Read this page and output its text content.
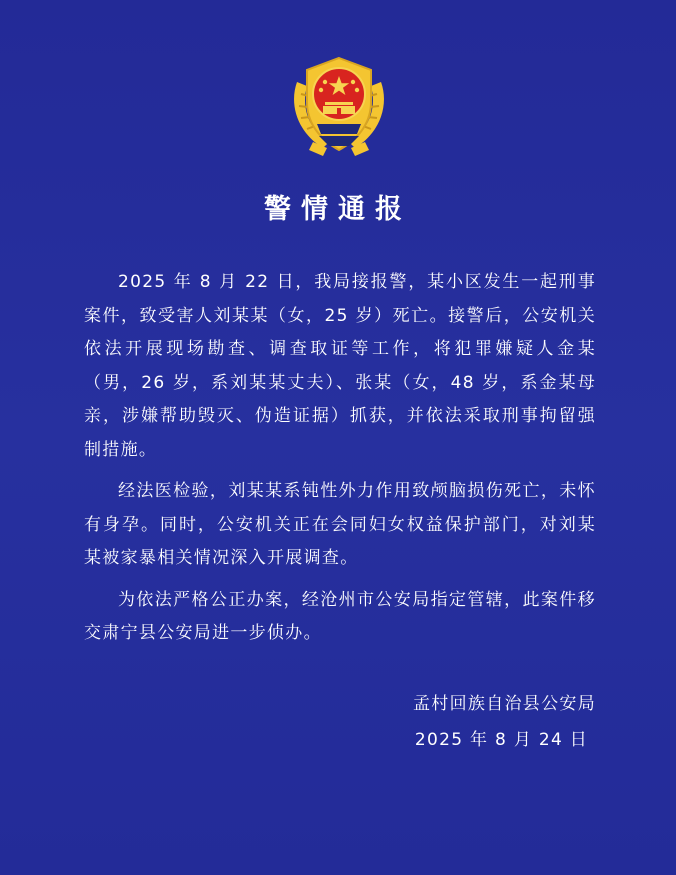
警情通报

2025 年 8 月 22 日，我局接报警，某小区发生一起刑事案件，致受害人刘某某（女，25 岁）死亡。接警后，公安机关依法开展现场勘查、调查取证等工作，将犯罪嫌疑人金某（男，26 岁，系刘某某丈夫）、张某（女，48 岁，系金某母亲，涉嫌帮助毁灭、伪造证据）抓获，并依法采取刑事拘留强制措施。

经法医检验，刘某某系钝性外力作用致颅脑损伤死亡，未怀有身孕。同时，公安机关正在会同妇女权益保护部门，对刘某某被家暴相关情况深入开展调查。

为依法严格公正办案，经沧州市公安局指定管辖，此案件移交肃宁县公安局进一步侦办。

孟村回族自治县公安局
2025 年 8 月 24 日
